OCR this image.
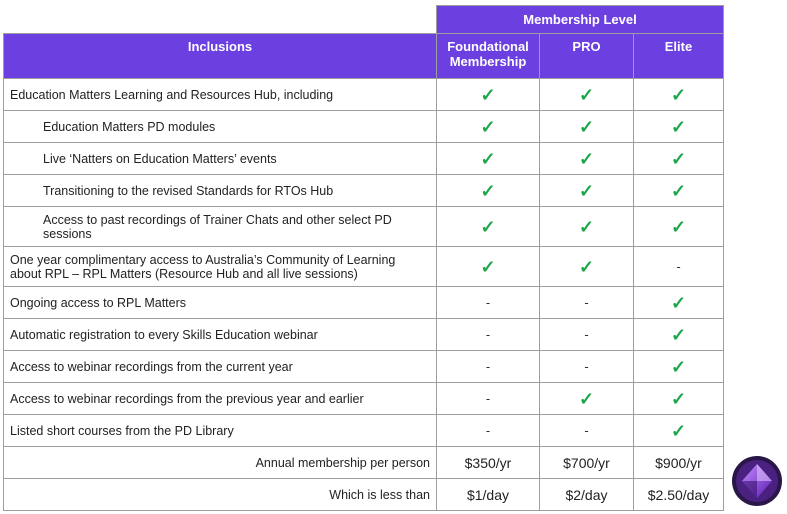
	Membership Level		
Inclusions	Foundational Membership	PRO	Elite
Education Matters Learning and Resources Hub, including	✓	✓	✓
Education Matters PD modules	✓	✓	✓
Live ‘Natters on Education Matters’ events	✓	✓	✓
Transitioning to the revised Standards for RTOs Hub	✓	✓	✓
Access to past recordings of Trainer Chats and other select PD sessions	✓	✓	✓
One year complimentary access to Australia’s Community of Learning about RPL – RPL Matters (Resource Hub and all live sessions)	✓	✓	-
Ongoing access to RPL Matters	-	-	✓
Automatic registration to every Skills Education webinar	-	-	✓
Access to webinar recordings from the current year	-	-	✓
Access to webinar recordings from the previous year and earlier	-	✓	✓
Listed short courses from the PD Library	-	-	✓
Annual membership per person	$350/yr	$700/yr	$900/yr
Which is less than	$1/day	$2/day	$2.50/day
